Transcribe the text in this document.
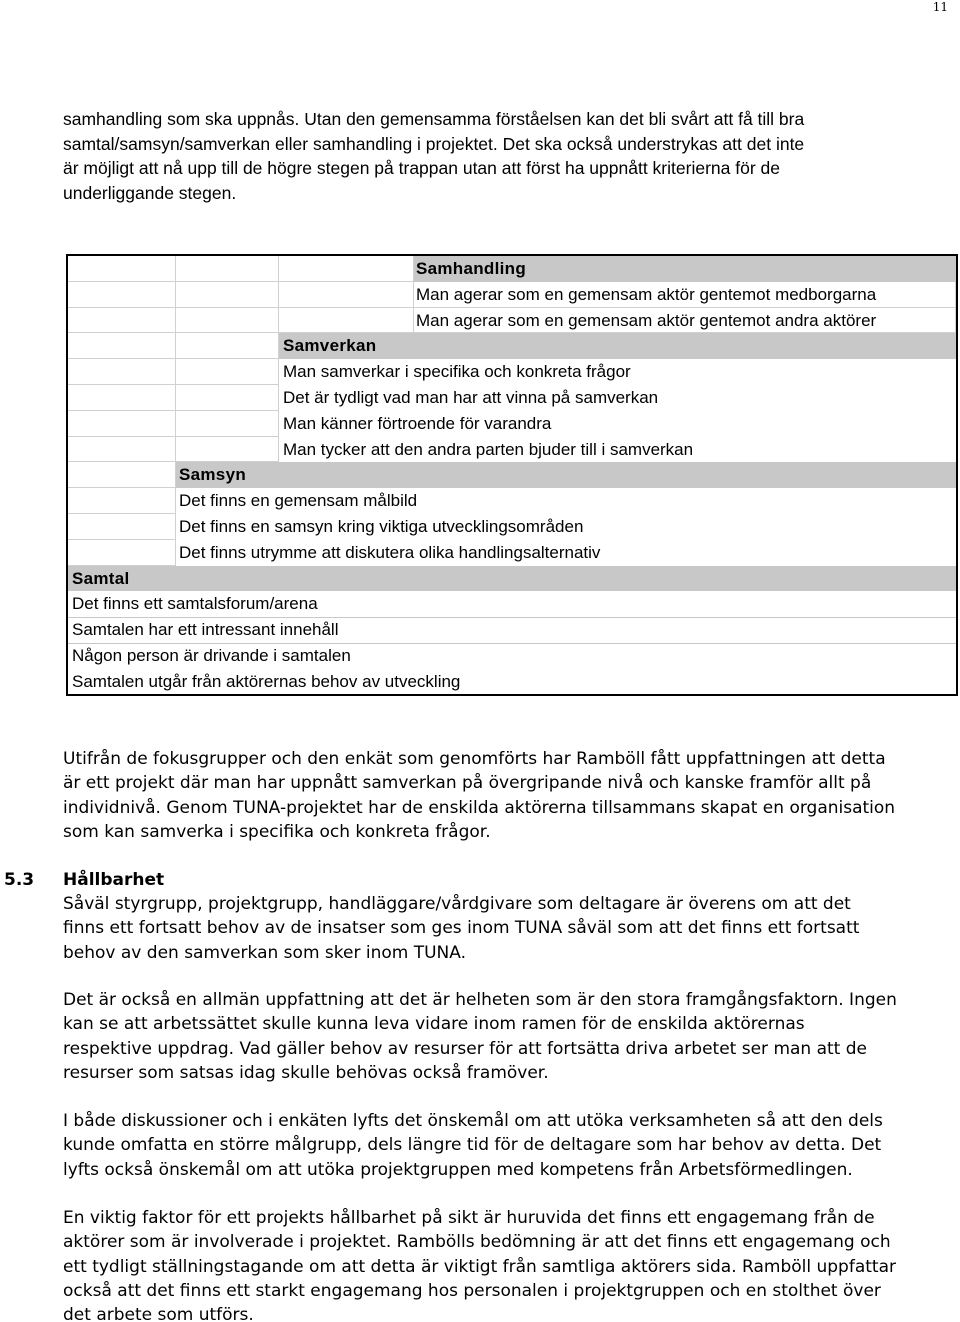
11
samhandling som ska uppnås. Utan den gemensamma förståelsen kan det bli svårt att få till bra
samtal/samsyn/samverkan eller samhandling i projektet. Det ska också understrykas att det inte
är möjligt att nå upp till de högre stegen på trappan utan att först ha uppnått kriterierna för de
underliggande stegen.
Samhandling
Man agerar som en gemensam aktör gentemot medborgarna
Man agerar som en gemensam aktör gentemot andra aktörer
Samverkan
Man samverkar i specifika och konkreta frågor
Det är tydligt vad man har att vinna på samverkan
Man känner förtroende för varandra
Man tycker att den andra parten bjuder till i samverkan
Samsyn
Det finns en gemensam målbild
Det finns en samsyn kring viktiga utvecklingsområden
Det finns utrymme att diskutera olika handlingsalternativ
Samtal
Det finns ett samtalsforum/arena
Samtalen har ett intressant innehåll
Någon person är drivande i samtalen
Samtalen utgår från aktörernas behov av utveckling
Utifrån de fokusgrupper och den enkät som genomförts har Ramböll fått uppfattningen att detta
är ett projekt där man har uppnått samverkan på övergripande nivå och kanske framför allt på
individnivå. Genom TUNA-projektet har de enskilda aktörerna tillsammans skapat en organisation
som kan samverka i specifika och konkreta frågor.
5.3 Hållbarhet
Såväl styrgrupp, projektgrupp, handläggare/vårdgivare som deltagare är överens om att det
finns ett fortsatt behov av de insatser som ges inom TUNA såväl som att det finns ett fortsatt
behov av den samverkan som sker inom TUNA.
Det är också en allmän uppfattning att det är helheten som är den stora framgångsfaktorn. Ingen
kan se att arbetssättet skulle kunna leva vidare inom ramen för de enskilda aktörernas
respektive uppdrag. Vad gäller behov av resurser för att fortsätta driva arbetet ser man att de
resurser som satsas idag skulle behövas också framöver.
I både diskussioner och i enkäten lyfts det önskemål om att utöka verksamheten så att den dels
kunde omfatta en större målgrupp, dels längre tid för de deltagare som har behov av detta. Det
lyfts också önskemål om att utöka projektgruppen med kompetens från Arbetsförmedlingen.
En viktig faktor för ett projekts hållbarhet på sikt är huruvida det finns ett engagemang från de
aktörer som är involverade i projektet. Rambölls bedömning är att det finns ett engagemang och
ett tydligt ställningstagande om att detta är viktigt från samtliga aktörers sida. Ramböll uppfattar
också att det finns ett starkt engagemang hos personalen i projektgruppen och en stolthet över
det arbete som utförs.
